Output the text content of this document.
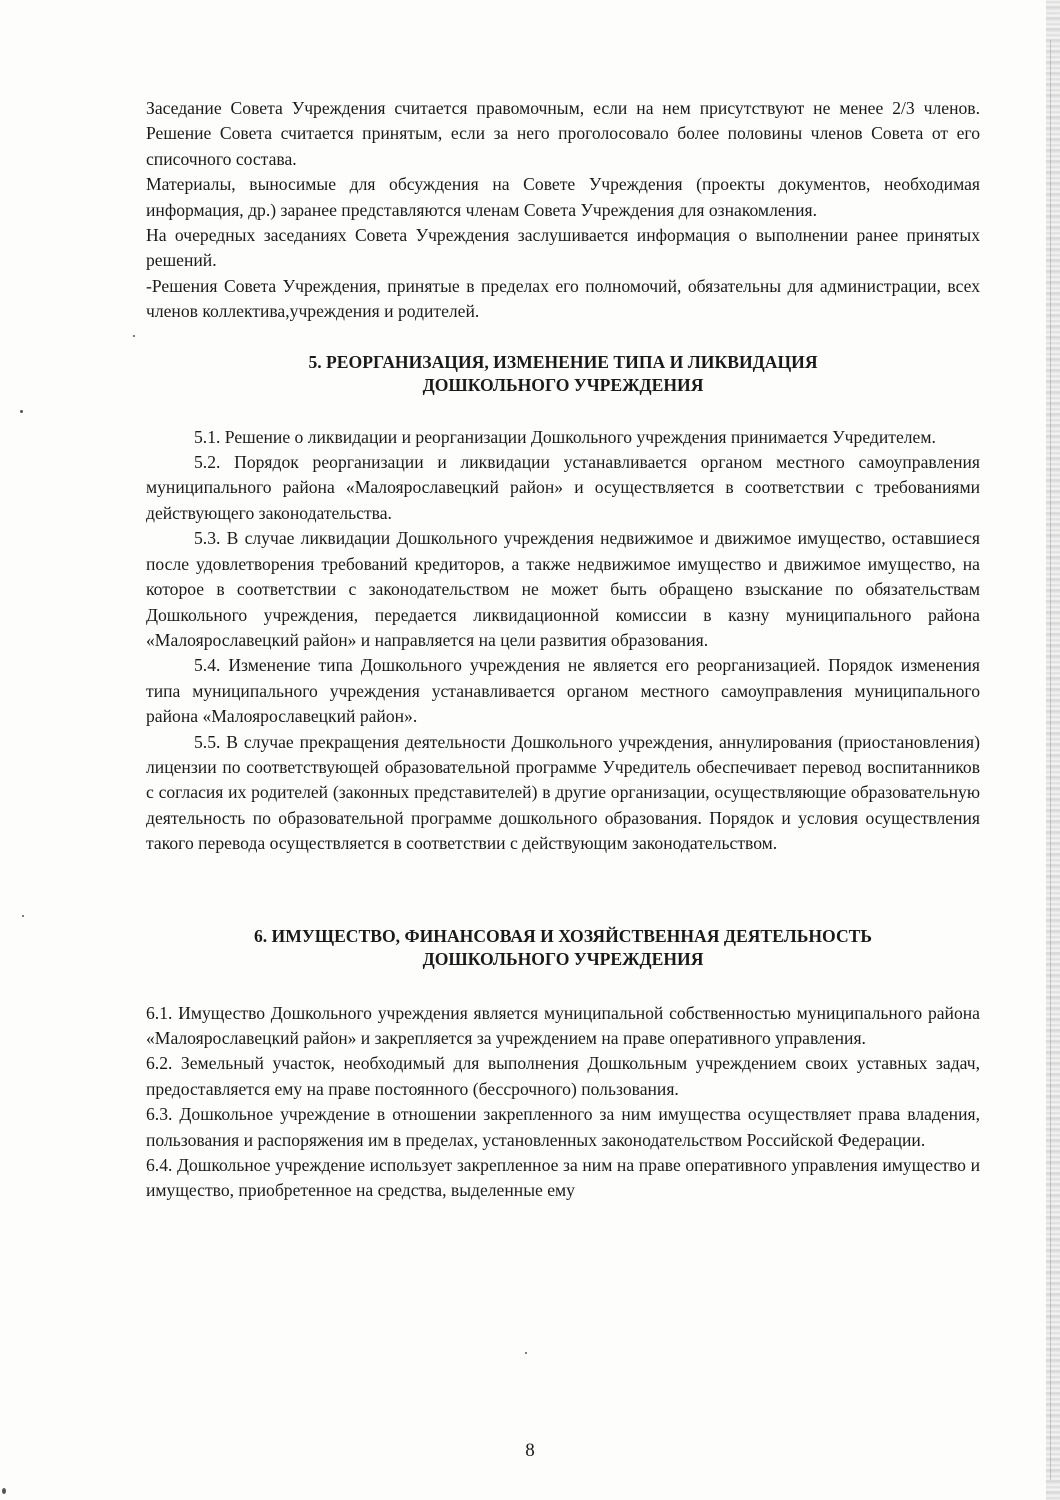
Заседание Совета Учреждения считается правомочным, если на нем присутствуют не менее 2/3 членов. Решение Совета считается принятым, если за него проголосовало более половины членов Совета от его списочного состава.

Материалы, выносимые для обсуждения на Совете Учреждения (проекты документов, необходимая информация, др.) заранее представляются членам Совета Учреждения для ознакомления.

На очередных заседаниях Совета Учреждения заслушивается информация о выполнении ранее принятых решений.

-Решения Совета Учреждения, принятые в пределах его полномочий, обязательны для администрации, всех членов коллектива,учреждения и родителей.

5. РЕОРГАНИЗАЦИЯ, ИЗМЕНЕНИЕ ТИПА И ЛИКВИДАЦИЯ
ДОШКОЛЬНОГО УЧРЕЖДЕНИЯ

5.1. Решение о ликвидации и реорганизации Дошкольного учреждения принимается Учредителем.

5.2. Порядок реорганизации и ликвидации устанавливается органом местного самоуправления муниципального района «Малоярославецкий район» и осуществляется в соответствии с требованиями действующего законодательства.

5.3. В случае ликвидации Дошкольного учреждения недвижимое и движимое имущество, оставшиеся после удовлетворения требований кредиторов, а также недвижимое имущество и движимое имущество, на которое в соответствии с законодательством не может быть обращено взыскание по обязательствам Дошкольного учреждения, передается ликвидационной комиссии в казну муниципального района «Малоярославецкий район» и направляется на цели развития образования.

5.4. Изменение типа Дошкольного учреждения не является его реорганизацией. Порядок изменения типа муниципального учреждения устанавливается органом местного самоуправления муниципального района «Малоярославецкий район».

5.5. В случае прекращения деятельности Дошкольного учреждения, аннулирования (приостановления) лицензии по соответствующей образовательной программе Учредитель обеспечивает перевод воспитанников с согласия их родителей (законных представителей) в другие организации, осуществляющие образовательную деятельность по образовательной программе дошкольного образования. Порядок и условия осуществления такого перевода осуществляется в соответствии с действующим законодательством.

6. ИМУЩЕСТВО, ФИНАНСОВАЯ И ХОЗЯЙСТВЕННАЯ ДЕЯТЕЛЬНОСТЬ
ДОШКОЛЬНОГО УЧРЕЖДЕНИЯ

6.1. Имущество Дошкольного учреждения является муниципальной собственностью муниципального района «Малоярославецкий район» и закрепляется за учреждением на праве оперативного управления.

6.2. Земельный участок, необходимый для выполнения Дошкольным учреждением своих уставных задач, предоставляется ему на праве постоянного (бессрочного) пользования.

6.3. Дошкольное учреждение в отношении закрепленного за ним имущества осуществляет права владения, пользования и распоряжения им в пределах, установленных законодательством Российской Федерации.

6.4. Дошкольное учреждение использует закрепленное за ним на праве оперативного управления имущество и имущество, приобретенное на средства, выделенные ему

8
